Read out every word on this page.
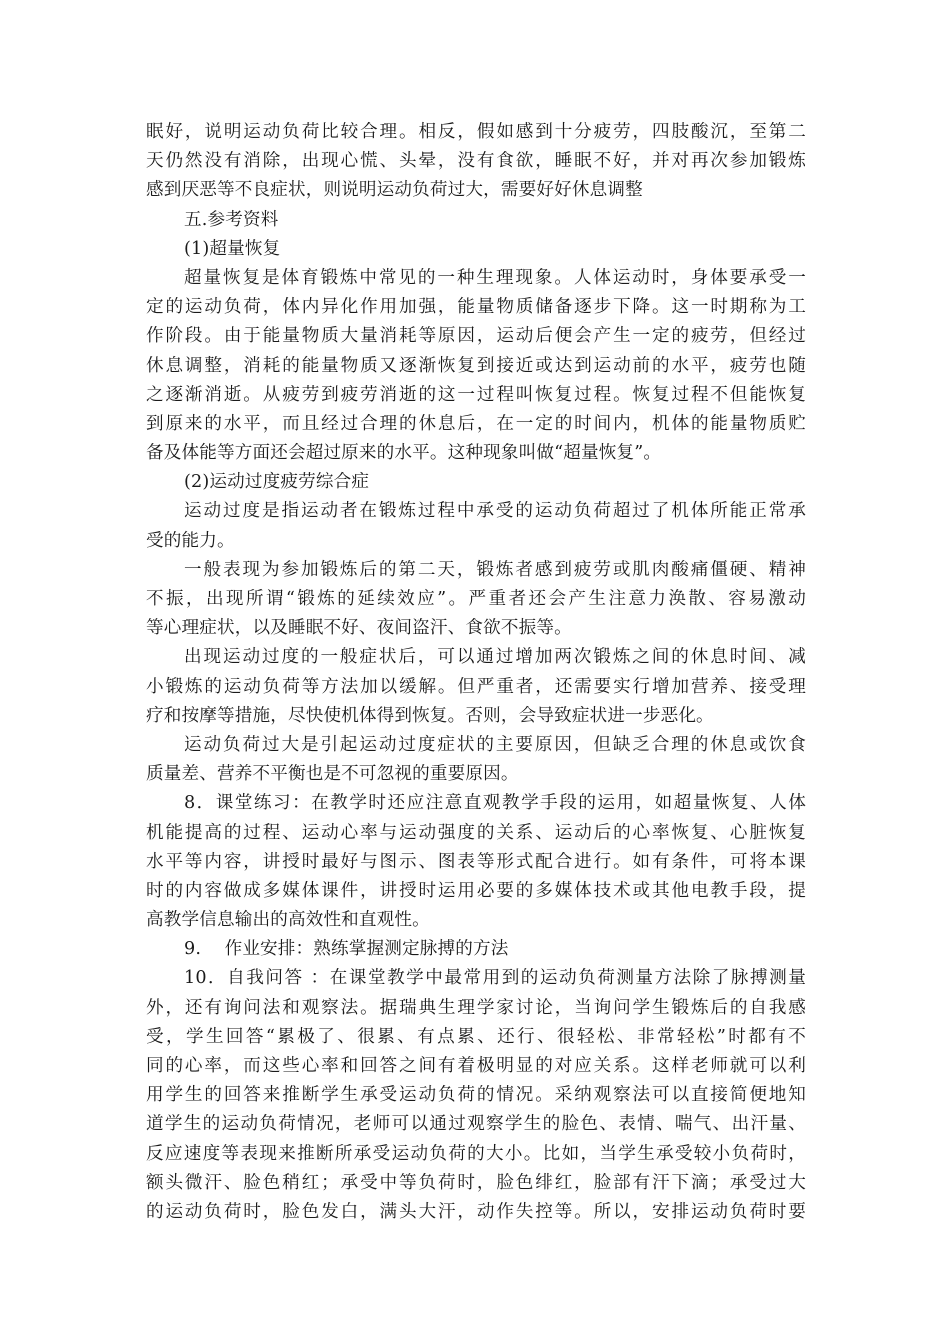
眠好，说明运动负荷比较合理。相反，假如感到十分疲劳，四肢酸沉，至第二
天仍然没有消除，出现心慌、头晕，没有食欲，睡眠不好，并对再次参加锻炼
感到厌恶等不良症状，则说明运动负荷过大，需要好好休息调整
五.参考资料
(1)超量恢复
超量恢复是体育锻炼中常见的一种生理现象。人体运动时，身体要承受一
定的运动负荷，体内异化作用加强，能量物质储备逐步下降。这一时期称为工
作阶段。由于能量物质大量消耗等原因，运动后便会产生一定的疲劳，但经过
休息调整，消耗的能量物质又逐渐恢复到接近或达到运动前的水平，疲劳也随
之逐渐消逝。从疲劳到疲劳消逝的这一过程叫恢复过程。恢复过程不但能恢复
到原来的水平，而且经过合理的休息后，在一定的时间内，机体的能量物质贮
备及体能等方面还会超过原来的水平。这种现象叫做“超量恢复”。
(2)运动过度疲劳综合症
运动过度是指运动者在锻炼过程中承受的运动负荷超过了机体所能正常承
受的能力。
一般表现为参加锻炼后的第二天，锻炼者感到疲劳或肌肉酸痛僵硬、精神
不振，出现所谓“锻炼的延续效应”。严重者还会产生注意力涣散、容易激动
等心理症状，以及睡眠不好、夜间盗汗、食欲不振等。
出现运动过度的一般症状后，可以通过增加两次锻炼之间的休息时间、减
小锻炼的运动负荷等方法加以缓解。但严重者，还需要实行增加营养、接受理
疗和按摩等措施，尽快使机体得到恢复。否则，会导致症状进一步恶化。
运动负荷过大是引起运动过度症状的主要原因，但缺乏合理的休息或饮食
质量差、营养不平衡也是不可忽视的重要原因。
8．课堂练习：在教学时还应注意直观教学手段的运用，如超量恢复、人体
机能提高的过程、运动心率与运动强度的关系、运动后的心率恢复、心脏恢复
水平等内容，讲授时最好与图示、图表等形式配合进行。如有条件，可将本课
时的内容做成多媒体课件，讲授时运用必要的多媒体技术或其他电教手段，提
高教学信息输出的高效性和直观性。
9.　 作业安排：熟练掌握测定脉搏的方法
10．自我问答 ：在课堂教学中最常用到的运动负荷测量方法除了脉搏测量
外，还有询问法和观察法。据瑞典生理学家讨论，当询问学生锻炼后的自我感
受，学生回答“累极了、很累、有点累、还行、很轻松、非常轻松”时都有不
同的心率，而这些心率和回答之间有着极明显的对应关系。这样老师就可以利
用学生的回答来推断学生承受运动负荷的情况。采纳观察法可以直接简便地知
道学生的运动负荷情况，老师可以通过观察学生的脸色、表情、喘气、出汗量、
反应速度等表现来推断所承受运动负荷的大小。比如，当学生承受较小负荷时，
额头微汗、脸色稍红；承受中等负荷时，脸色绯红，脸部有汗下滴；承受过大
的运动负荷时，脸色发白，满头大汗，动作失控等。所以，安排运动负荷时要
